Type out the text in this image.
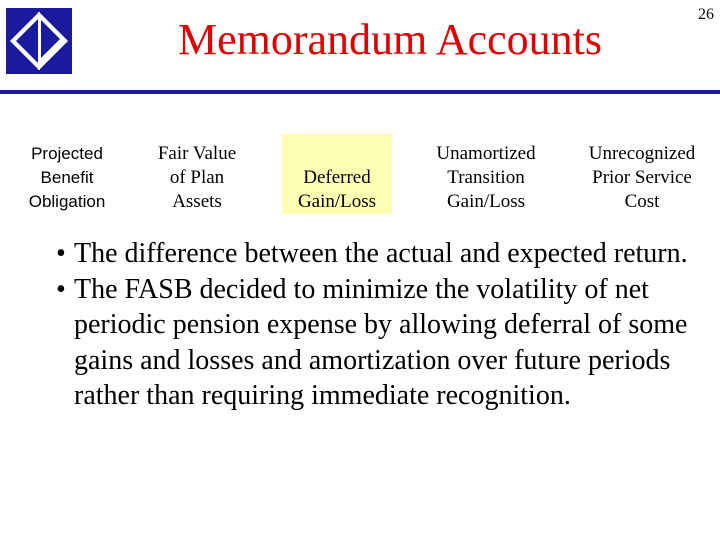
Memorandum Accounts
26
Projected
Benefit
Obligation
Fair Value
of Plan
Assets
Deferred
Gain/Loss
Unamortized
Transition
Gain/Loss
Unrecognized
Prior Service
Cost
• The difference between the actual and expected return.
• The FASB decided to minimize the volatility of net periodic pension expense by allowing deferral of some gains and losses and amortization over future periods rather than requiring immediate recognition.
